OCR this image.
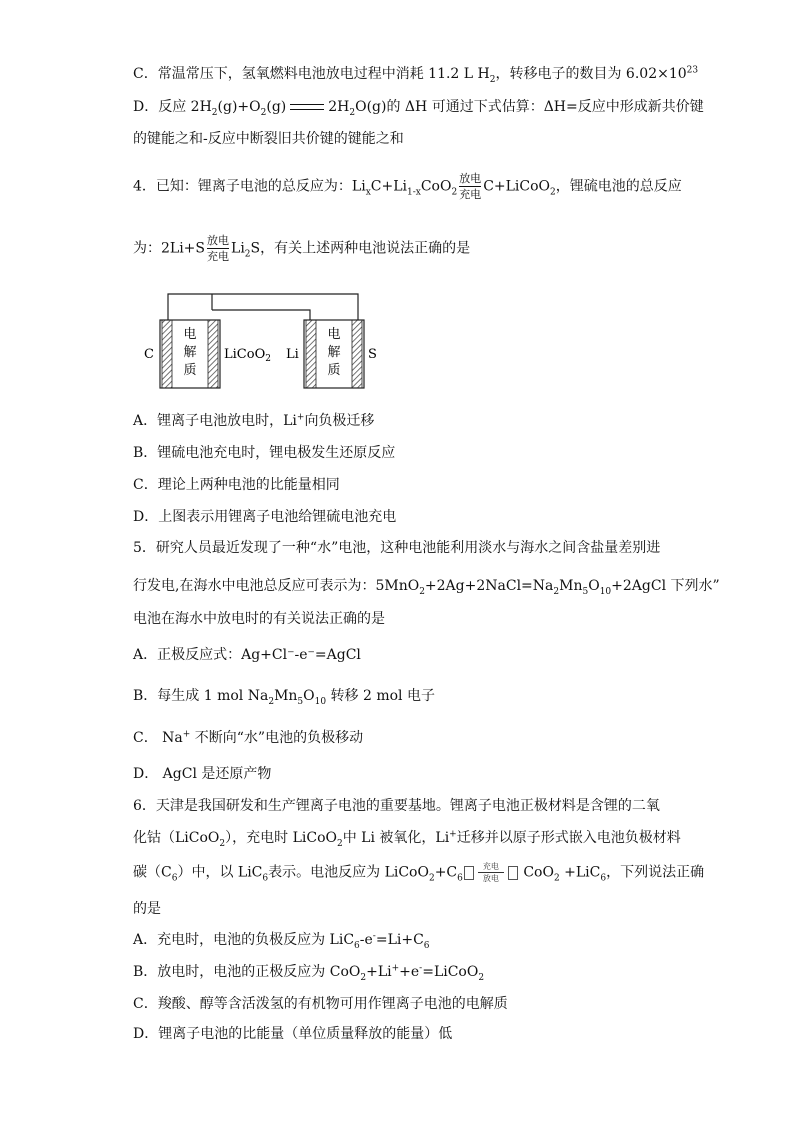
C．常温常压下，氢氧燃料电池放电过程中消耗 11.2 L $H_2$，转移电子的数目为 $6.02\times 10^{23}$
D．反应 $2H_2(g)+O_2(g)$	$2H_2O(g)$的 ΔH 可通过下式估算：ΔH=反应中形成新共价键
的键能之和-反应中断裂旧共价键的键能之和
4．已知：锂离子电池的总反应为：$Li_xC+Li_{1-x}CoO_2 \frac{\text{放电}}{\text{充电}}$ C+LiCoO$_2$，锂硫电池的总反应
为：$2Li+S \frac{\text{放电}}{\text{充电}} Li_2S$，有关上述两种电池说法正确的是
电
解
质
C	LiCoO$_2$
电
解
质
Li	S
A．锂离子电池放电时，Li+向负极迁移
B．锂硫电池充电时，锂电极发生还原反应
C．理论上两种电池的比能量相同
D．上图表示用锂离子电池给锂硫电池充电
5．研究人员最近发现了一种“水”电池，这种电池能利用淡水与海水之间含盐量差别进
行发电,在海水中电池总反应可表示为：$5MnO_2+2Ag+2NaCl=Na_2Mn_5O_{10}+2AgCl$ 下列水”
电池在海水中放电时的有关说法正确的是
A．正极反应式：Ag+Cl⁻-e⁻=AgCl
B．每生成 1 mol $Na_2Mn_5O_{10}$ 转移 2 mol 电子
C． Na+ 不断向“水”电池的负极移动
D． AgCl 是还原产物
6．天津是我国研发和生产锂离子电池的重要基地。锂离子电池正极材料是含锂的二氧
化钴（LiCoO$_2$），充电时 LiCoO$_2$中 Li 被氧化，Li+迁移并以原子形式嵌入电池负极材料
碳$(C_6)$中，以 LiC$_6$表示。电池反应为 $LiCoO_2+C_6$充电
放电 CoO$_2$ +LiC$_6$，下列说法正确
的是
A．充电时，电池的负极反应为 $LiC_6-e^-=Li+C_6$
B．放电时，电池的正极反应为 CoO$_2$+Li++e-=LiCoO$_2$
C．羧酸、醇等含活泼氢的有机物可用作锂离子电池的电解质
D．锂离子电池的比能量（单位质量释放的能量）低
